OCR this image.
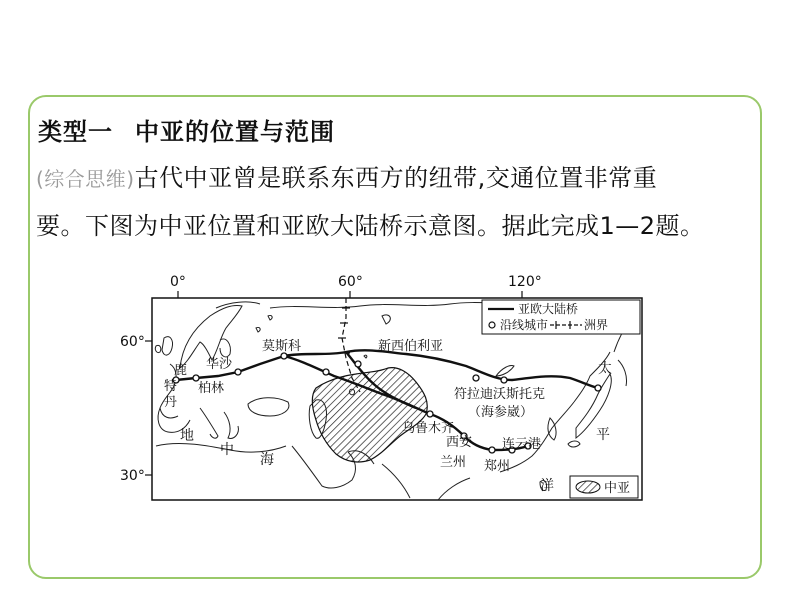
类型一 中亚的位置与范围
(综合思维)古代中亚曾是联系东西方的纽带,交通位置非常重
要。下图为中亚位置和亚欧大陆桥示意图。据此完成1—2题。
0°	60°	120°
60°
30°
莫斯科	新西伯利亚
华沙
柏林
鹿
特
丹
符拉迪沃斯托克
（海参崴）
乌鲁木齐
西安 连云港
兰州 郑州
地
中
海
太
平
洋
亚欧大陆桥
沿线城市	洲界
中亚
